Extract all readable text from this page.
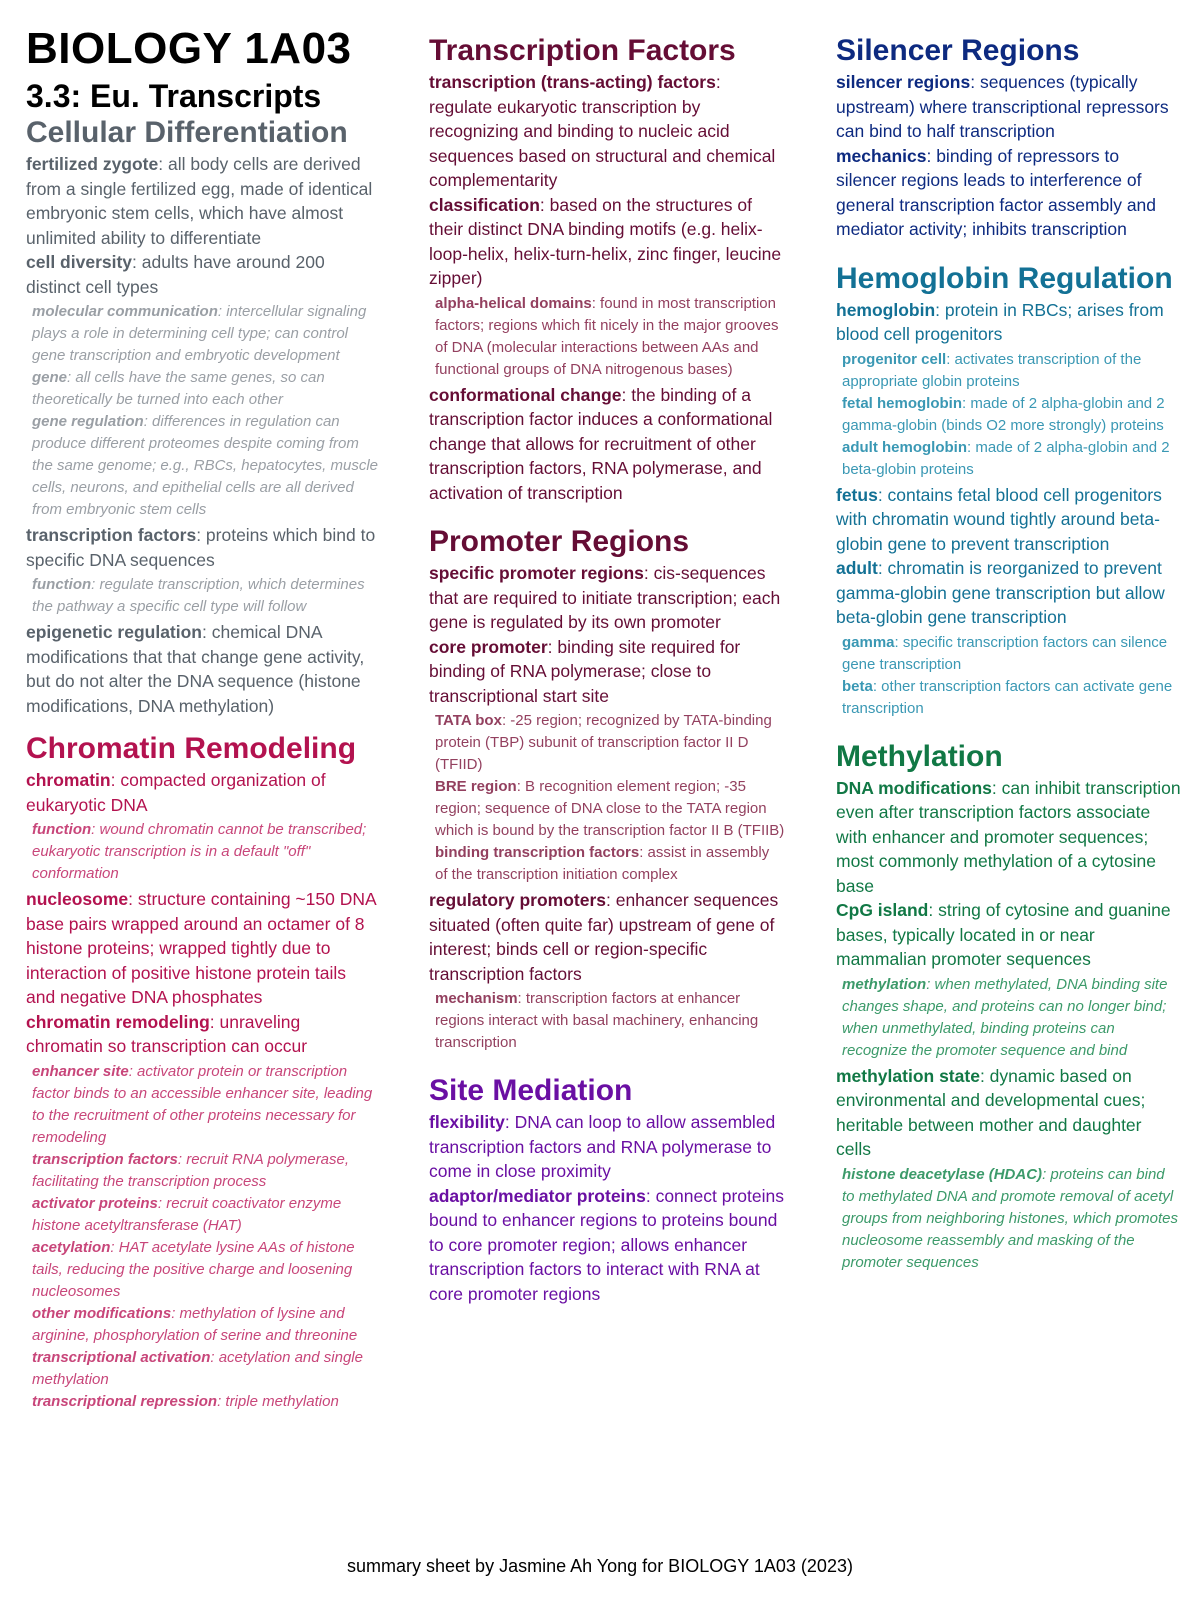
BIOLOGY 1A03
3.3: Eu. Transcripts
Cellular Differentiation

fertilized zygote: all body cells are derived from a single fertilized egg, made of identical embryonic stem cells, which have almost unlimited ability to differentiate

cell diversity: adults have around 200 distinct cell types

molecular communication: intercellular signaling plays a role in determining cell type; can control gene transcription and embryotic development

gene: all cells have the same genes, so can theoretically be turned into each other

gene regulation: differences in regulation can produce different proteomes despite coming from the same genome; e.g., RBCs, hepatocytes, muscle cells, neurons, and epithelial cells are all derived from embryonic stem cells

transcription factors: proteins which bind to specific DNA sequences

function: regulate transcription, which determines the pathway a specific cell type will follow

epigenetic regulation: chemical DNA modifications that that change gene activity, but do not alter the DNA sequence (histone modifications, DNA methylation)

Chromatin Remodeling

chromatin: compacted organization of eukaryotic DNA

function: wound chromatin cannot be transcribed; eukaryotic transcription is in a default "off" conformation

nucleosome: structure containing ~150 DNA base pairs wrapped around an octamer of 8 histone proteins; wrapped tightly due to interaction of positive histone protein tails and negative DNA phosphates

chromatin remodeling: unraveling chromatin so transcription can occur

enhancer site: activator protein or transcription factor binds to an accessible enhancer site, leading to the recruitment of other proteins necessary for remodeling

transcription factors: recruit RNA polymerase, facilitating the transcription process

activator proteins: recruit coactivator enzyme histone acetyltransferase (HAT)

acetylation: HAT acetylate lysine AAs of histone tails, reducing the positive charge and loosening nucleosomes

other modifications: methylation of lysine and arginine, phosphorylation of serine and threonine

transcriptional activation: acetylation and single methylation

transcriptional repression: triple methylation

Transcription Factors

transcription (trans-acting) factors: regulate eukaryotic transcription by recognizing and binding to nucleic acid sequences based on structural and chemical complementarity

classification: based on the structures of their distinct DNA binding motifs (e.g. helix-loop-helix, helix-turn-helix, zinc finger, leucine zipper)

alpha-helical domains: found in most transcription factors; regions which fit nicely in the major grooves of DNA (molecular interactions between AAs and functional groups of DNA nitrogenous bases)

conformational change: the binding of a transcription factor induces a conformational change that allows for recruitment of other transcription factors, RNA polymerase, and activation of transcription

Promoter Regions

specific promoter regions: cis-sequences that are required to initiate transcription; each gene is regulated by its own promoter

core promoter: binding site required for binding of RNA polymerase; close to transcriptional start site

TATA box: -25 region; recognized by TATA-binding protein (TBP) subunit of transcription factor II D (TFIID)

BRE region: B recognition element region; -35 region; sequence of DNA close to the TATA region which is bound by the transcription factor II B (TFIIB)

binding transcription factors: assist in assembly of the transcription initiation complex

regulatory promoters: enhancer sequences situated (often quite far) upstream of gene of interest; binds cell or region-specific transcription factors

mechanism: transcription factors at enhancer regions interact with basal machinery, enhancing transcription

Site Mediation

flexibility: DNA can loop to allow assembled transcription factors and RNA polymerase to come in close proximity

adaptor/mediator proteins: connect proteins bound to enhancer regions to proteins bound to core promoter region; allows enhancer transcription factors to interact with RNA at core promoter regions

Silencer Regions

silencer regions: sequences (typically upstream) where transcriptional repressors can bind to half transcription

mechanics: binding of repressors to silencer regions leads to interference of general transcription factor assembly and mediator activity; inhibits transcription

Hemoglobin Regulation

hemoglobin: protein in RBCs; arises from blood cell progenitors

progenitor cell: activates transcription of the appropriate globin proteins

fetal hemoglobin: made of 2 alpha-globin and 2 gamma-globin (binds O2 more strongly) proteins

adult hemoglobin: made of 2 alpha-globin and 2 beta-globin proteins

fetus: contains fetal blood cell progenitors with chromatin wound tightly around beta-globin gene to prevent transcription

adult: chromatin is reorganized to prevent gamma-globin gene transcription but allow beta-globin gene transcription

gamma: specific transcription factors can silence gene transcription

beta: other transcription factors can activate gene transcription

Methylation

DNA modifications: can inhibit transcription even after transcription factors associate with enhancer and promoter sequences; most commonly methylation of a cytosine base

CpG island: string of cytosine and guanine bases, typically located in or near mammalian promoter sequences

methylation: when methylated, DNA binding site changes shape, and proteins can no longer bind; when unmethylated, binding proteins can recognize the promoter sequence and bind

methylation state: dynamic based on environmental and developmental cues; heritable between mother and daughter cells

histone deacetylase (HDAC): proteins can bind to methylated DNA and promote removal of acetyl groups from neighboring histones, which promotes nucleosome reassembly and masking of the promoter sequences

summary sheet by Jasmine Ah Yong for BIOLOGY 1A03 (2023)
